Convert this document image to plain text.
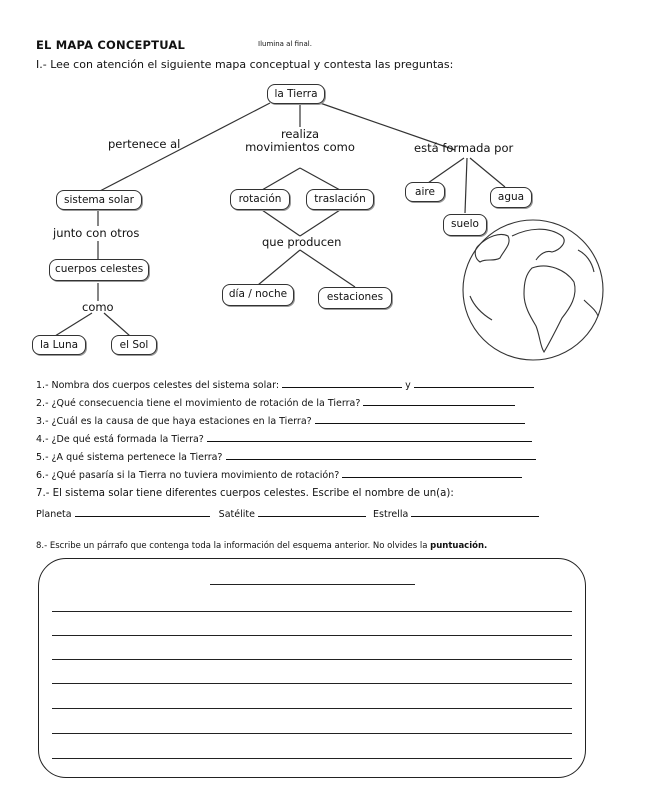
EL MAPA CONCEPTUAL	Ilumina al final.
I.- Lee con atención el siguiente mapa conceptual y contesta las preguntas:
la Tierra
pertenece al
realiza movimientos como	está formada por
sistema solar
junto con otros
cuerpos celestes
como
la Luna	el Sol
rotación	traslación
que producen
día / noche	estaciones
aire
suelo
agua
1.- Nombra dos cuerpos celestes del sistema solar:	y
2.- ¿Qué consecuencia tiene el movimiento de rotación de la Tierra?
3.- ¿Cuál es la causa de que haya estaciones en la Tierra?
4.- ¿De qué está formada la Tierra?
5.- ¿A qué sistema pertenece la Tierra?
6.- ¿Qué pasaría si la Tierra no tuviera movimiento de rotación?
7.- El sistema solar tiene diferentes cuerpos celestes. Escribe el nombre de un(a):
Planeta	Satélite	Estrella
8.- Escribe un párrafo que contenga toda la información del esquema anterior. No olvides la puntuación.
